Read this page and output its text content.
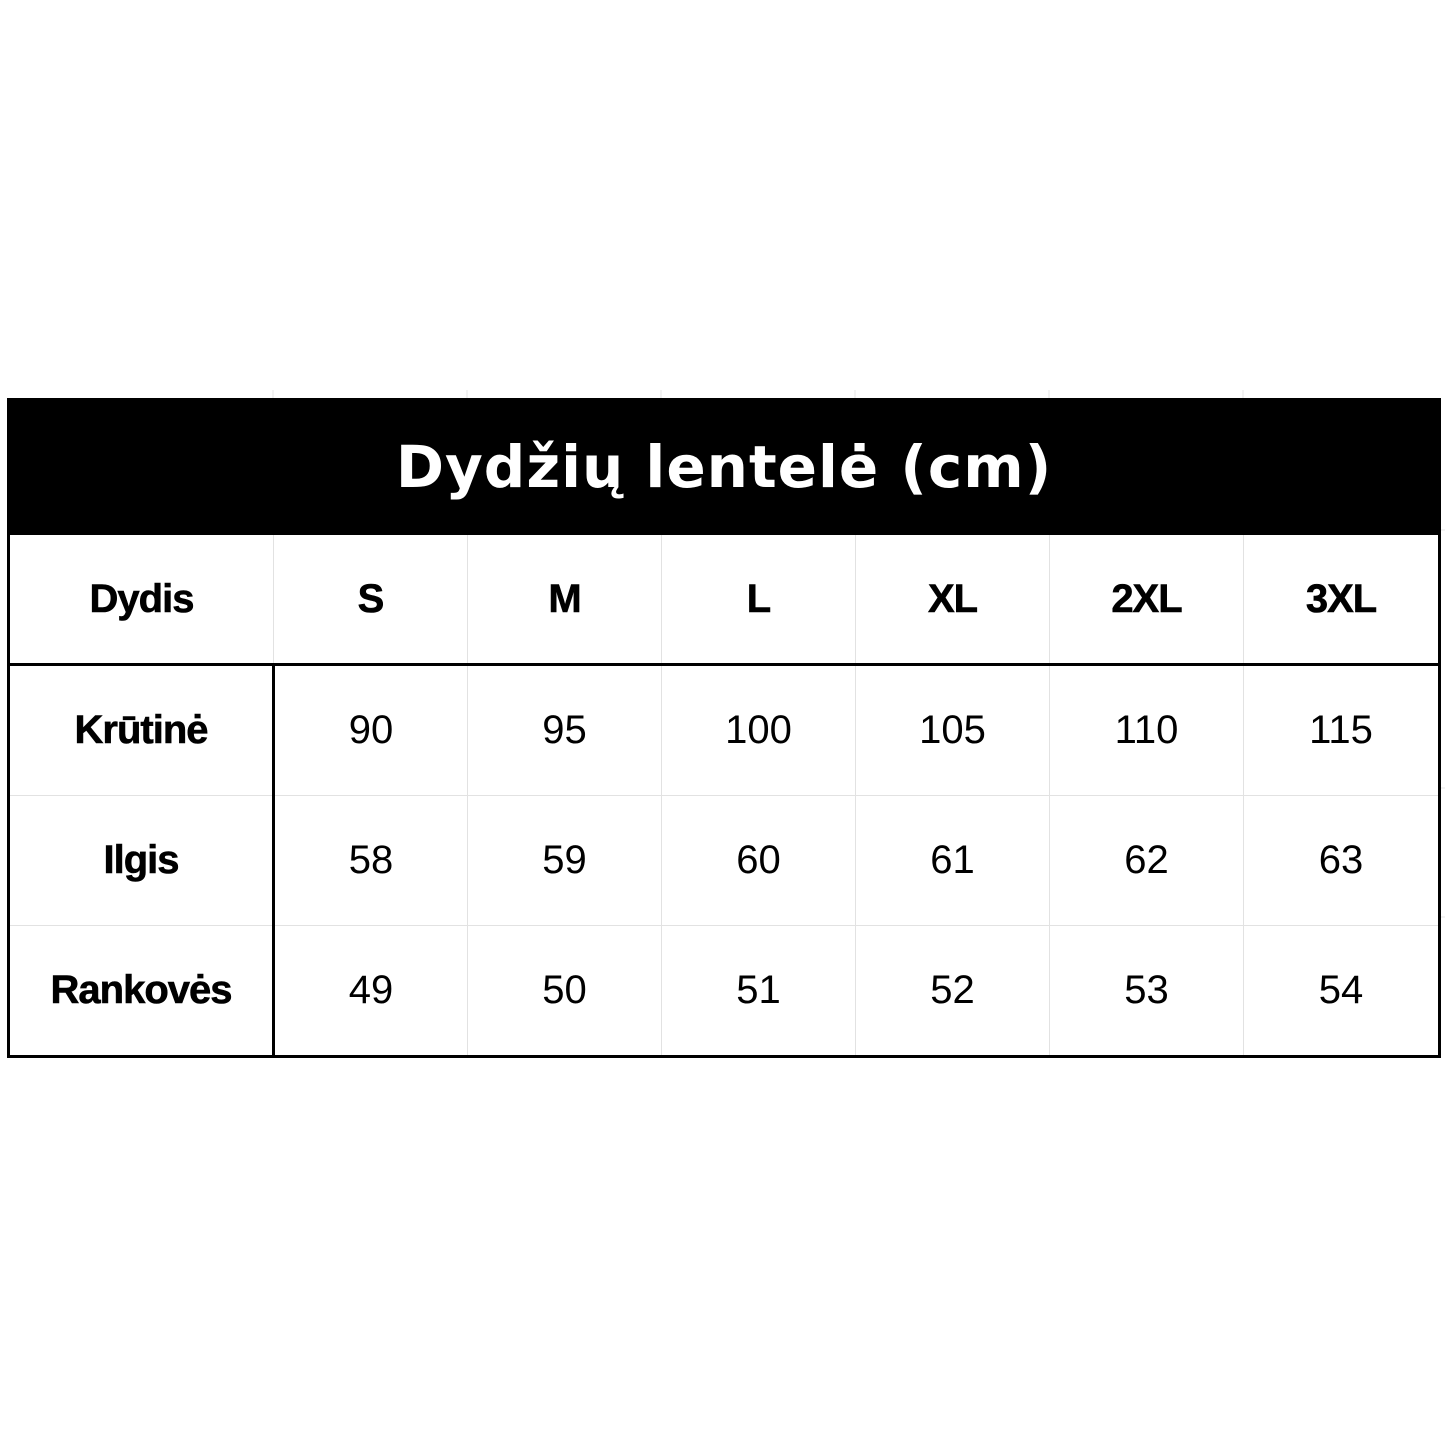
Dydžių lentelė (cm)						
Dydis	S	M	L	XL	2XL	3XL
Krūtinė	90	95	100	105	110	115
Ilgis	58	59	60	61	62	63
Rankovės	49	50	51	52	53	54
